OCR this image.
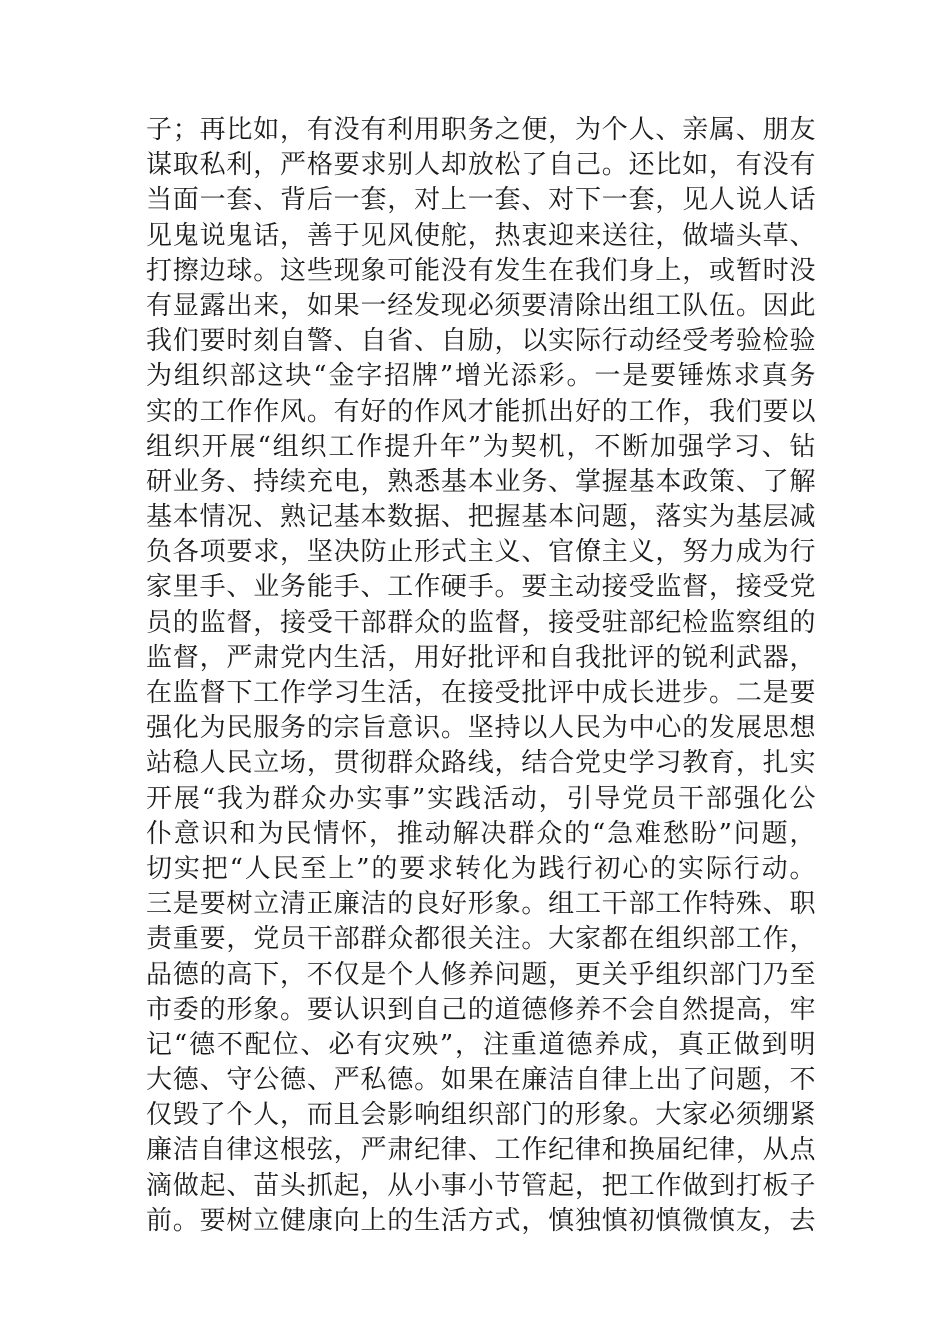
子；再比如，有没有利用职务之便，为个人、亲属、朋友
谋取私利，严格要求别人却放松了自己。还比如，有没有
当面一套、背后一套，对上一套、对下一套，见人说人话
见鬼说鬼话，善于见风使舵，热衷迎来送往，做墙头草、
打擦边球。这些现象可能没有发生在我们身上，或暂时没
有显露出来，如果一经发现必须要清除出组工队伍。因此
我们要时刻自警、自省、自励，以实际行动经受考验检验
为组织部这块“金字招牌”增光添彩。一是要锤炼求真务
实的工作作风。有好的作风才能抓出好的工作，我们要以
组织开展“组织工作提升年”为契机，不断加强学习、钻
研业务、持续充电，熟悉基本业务、掌握基本政策、了解
基本情况、熟记基本数据、把握基本问题，落实为基层减
负各项要求，坚决防止形式主义、官僚主义，努力成为行
家里手、业务能手、工作硬手。要主动接受监督，接受党
员的监督，接受干部群众的监督，接受驻部纪检监察组的
监督，严肃党内生活，用好批评和自我批评的锐利武器，
在监督下工作学习生活，在接受批评中成长进步。二是要
强化为民服务的宗旨意识。坚持以人民为中心的发展思想
站稳人民立场，贯彻群众路线，结合党史学习教育，扎实
开展“我为群众办实事”实践活动，引导党员干部强化公
仆意识和为民情怀，推动解决群众的“急难愁盼”问题，
切实把“人民至上”的要求转化为践行初心的实际行动。
三是要树立清正廉洁的良好形象。组工干部工作特殊、职
责重要，党员干部群众都很关注。大家都在组织部工作，
品德的高下，不仅是个人修养问题，更关乎组织部门乃至
市委的形象。要认识到自己的道德修养不会自然提高，牢
记“德不配位、必有灾殃”，注重道德养成，真正做到明
大德、守公德、严私德。如果在廉洁自律上出了问题，不
仅毁了个人，而且会影响组织部门的形象。大家必须绷紧
廉洁自律这根弦，严肃纪律、工作纪律和换届纪律，从点
滴做起、苗头抓起，从小事小节管起，把工作做到打板子
前。要树立健康向上的生活方式，慎独慎初慎微慎友，去
